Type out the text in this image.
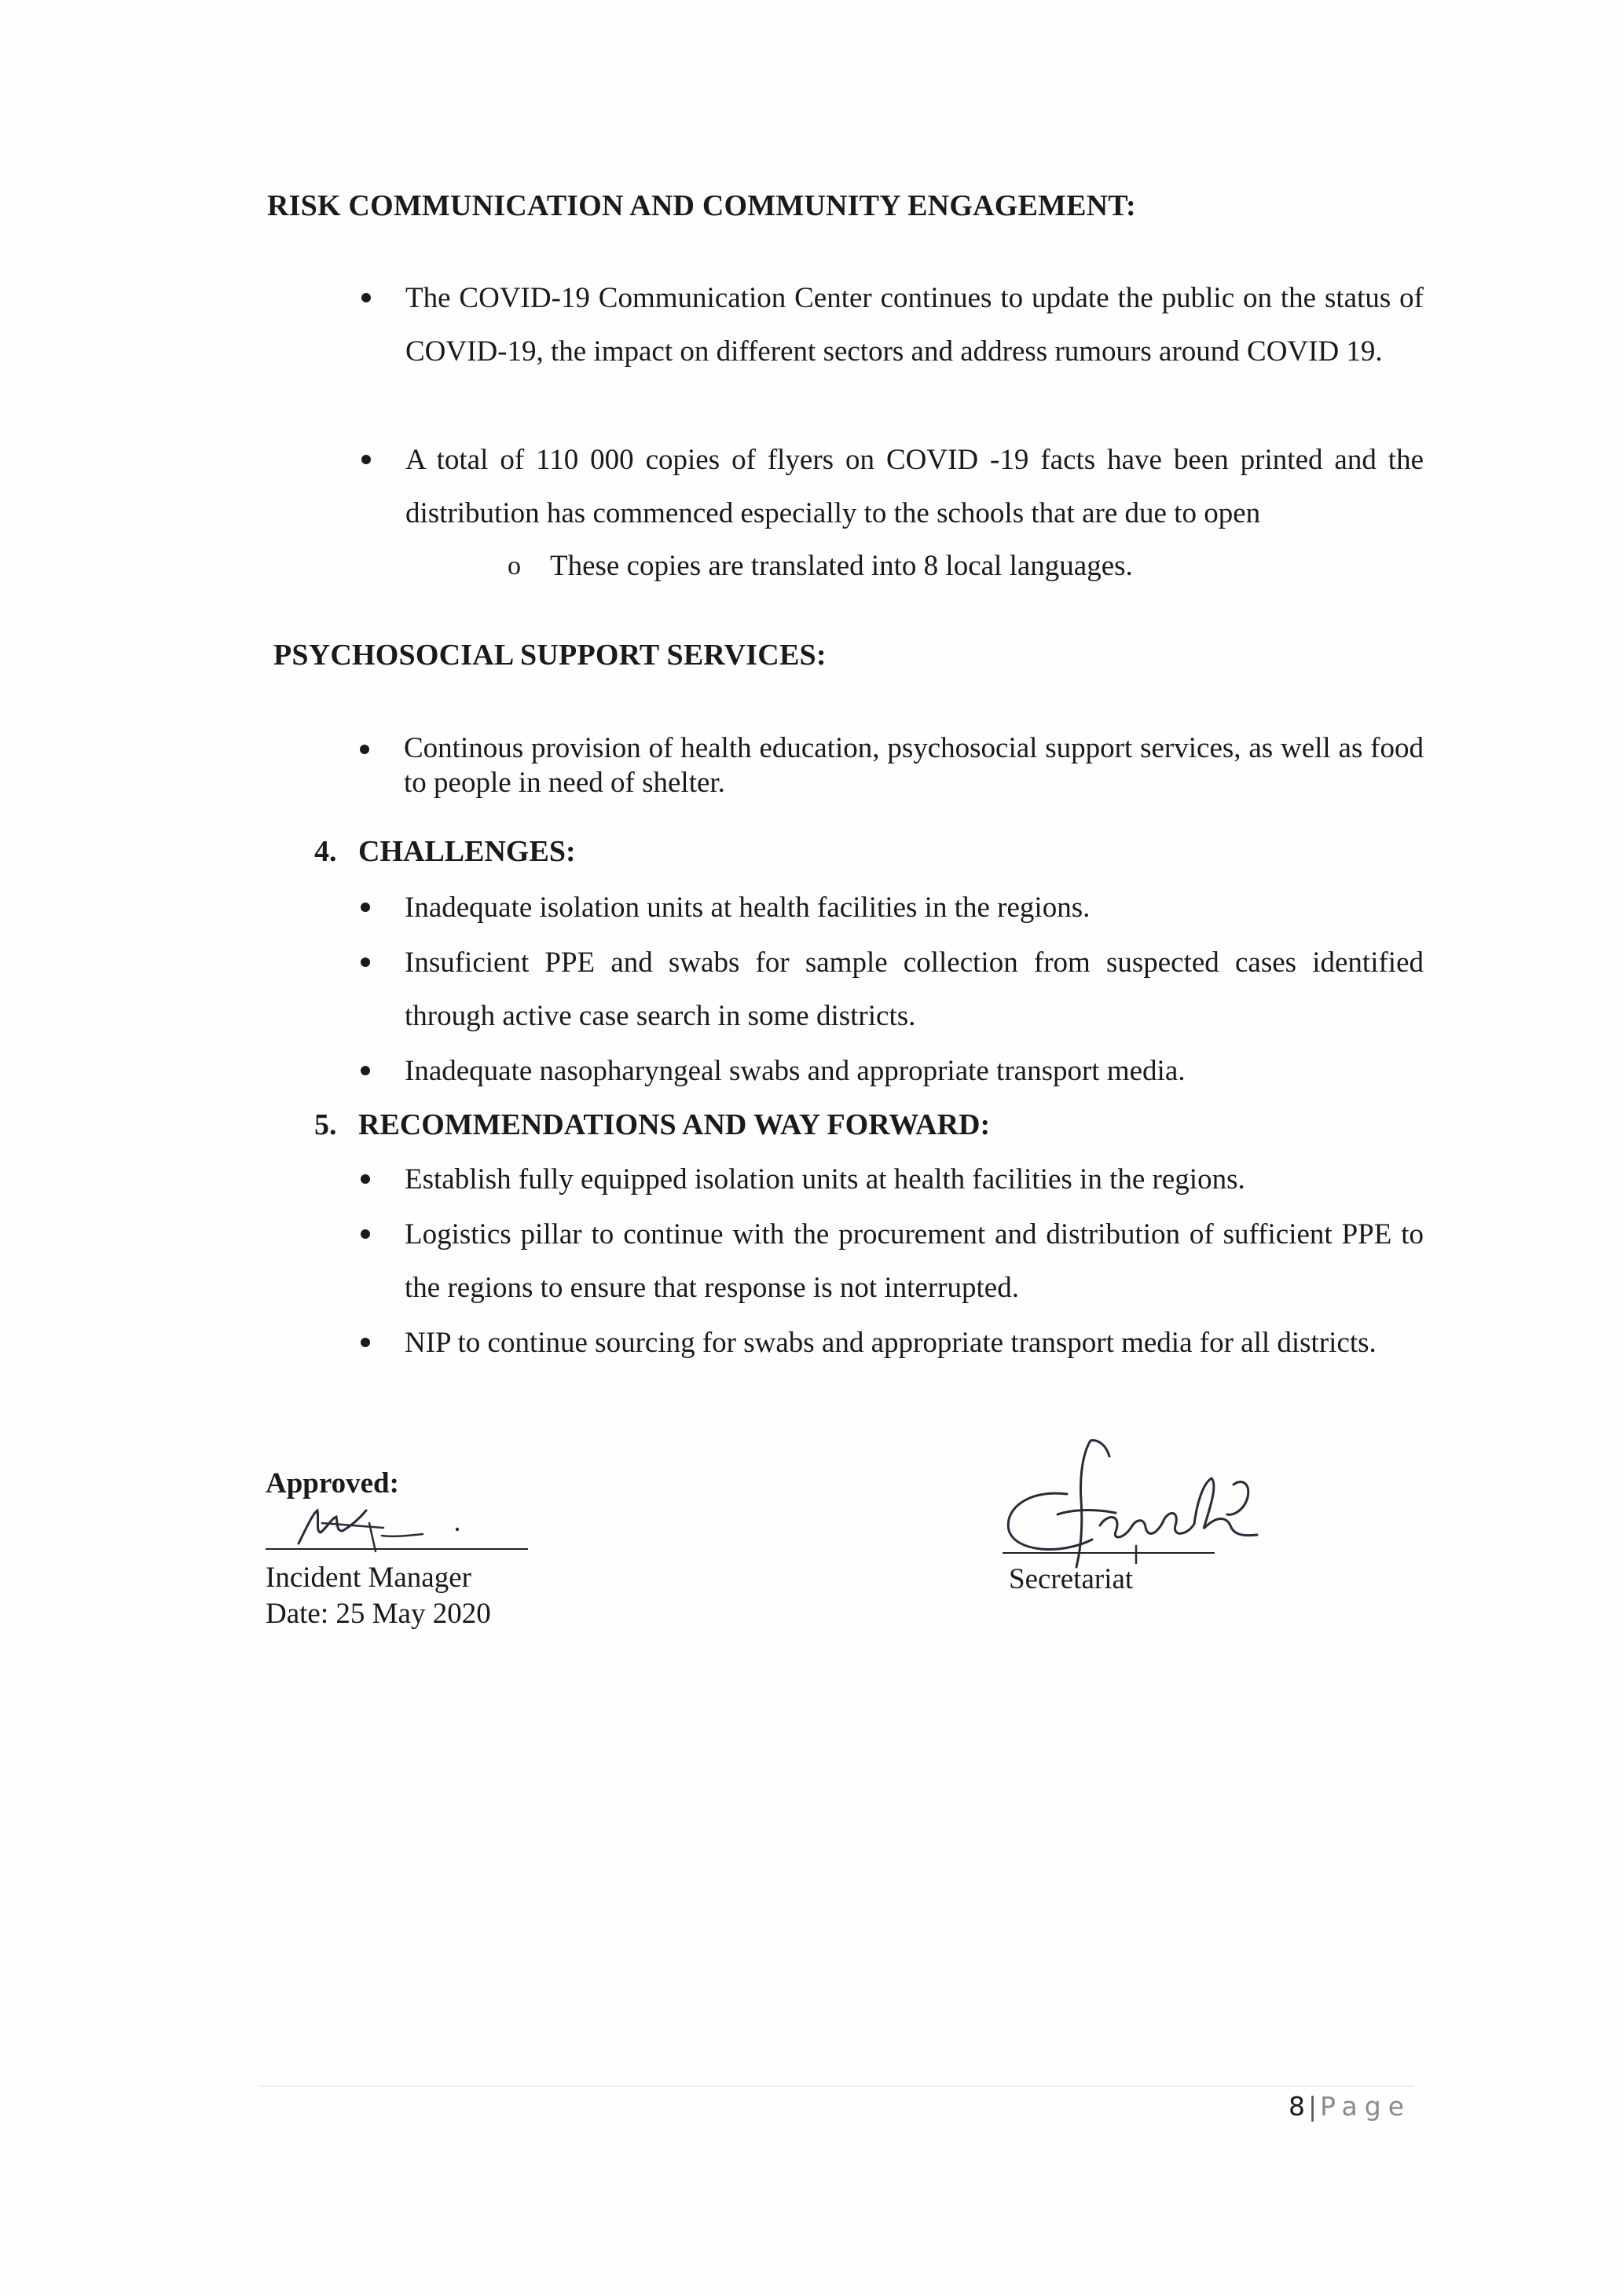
RISK COMMUNICATION AND COMMUNITY ENGAGEMENT:
The COVID-19 Communication Center continues to update the public on the status of COVID-19, the impact on different sectors and address rumours around COVID 19.
A total of 110 000 copies of flyers on COVID -19 facts have been printed and the distribution has commenced especially to the schools that are due to open
o These copies are translated into 8 local languages.
PSYCHOSOCIAL SUPPORT SERVICES:
Continous provision of health education, psychosocial support services, as well as food to people in need of shelter.
4. CHALLENGES:
Inadequate isolation units at health facilities in the regions.
Insuficient PPE and swabs for sample collection from suspected cases identified through active case search in some districts.
Inadequate nasopharyngeal swabs and appropriate transport media.
5. RECOMMENDATIONS AND WAY FORWARD:
Establish fully equipped isolation units at health facilities in the regions.
Logistics pillar to continue with the procurement and distribution of sufficient PPE to the regions to ensure that response is not interrupted.
NIP to continue sourcing for swabs and appropriate transport media for all districts.
Approved:
Incident Manager
Date: 25 May 2020
Secretariat
8 | Page
